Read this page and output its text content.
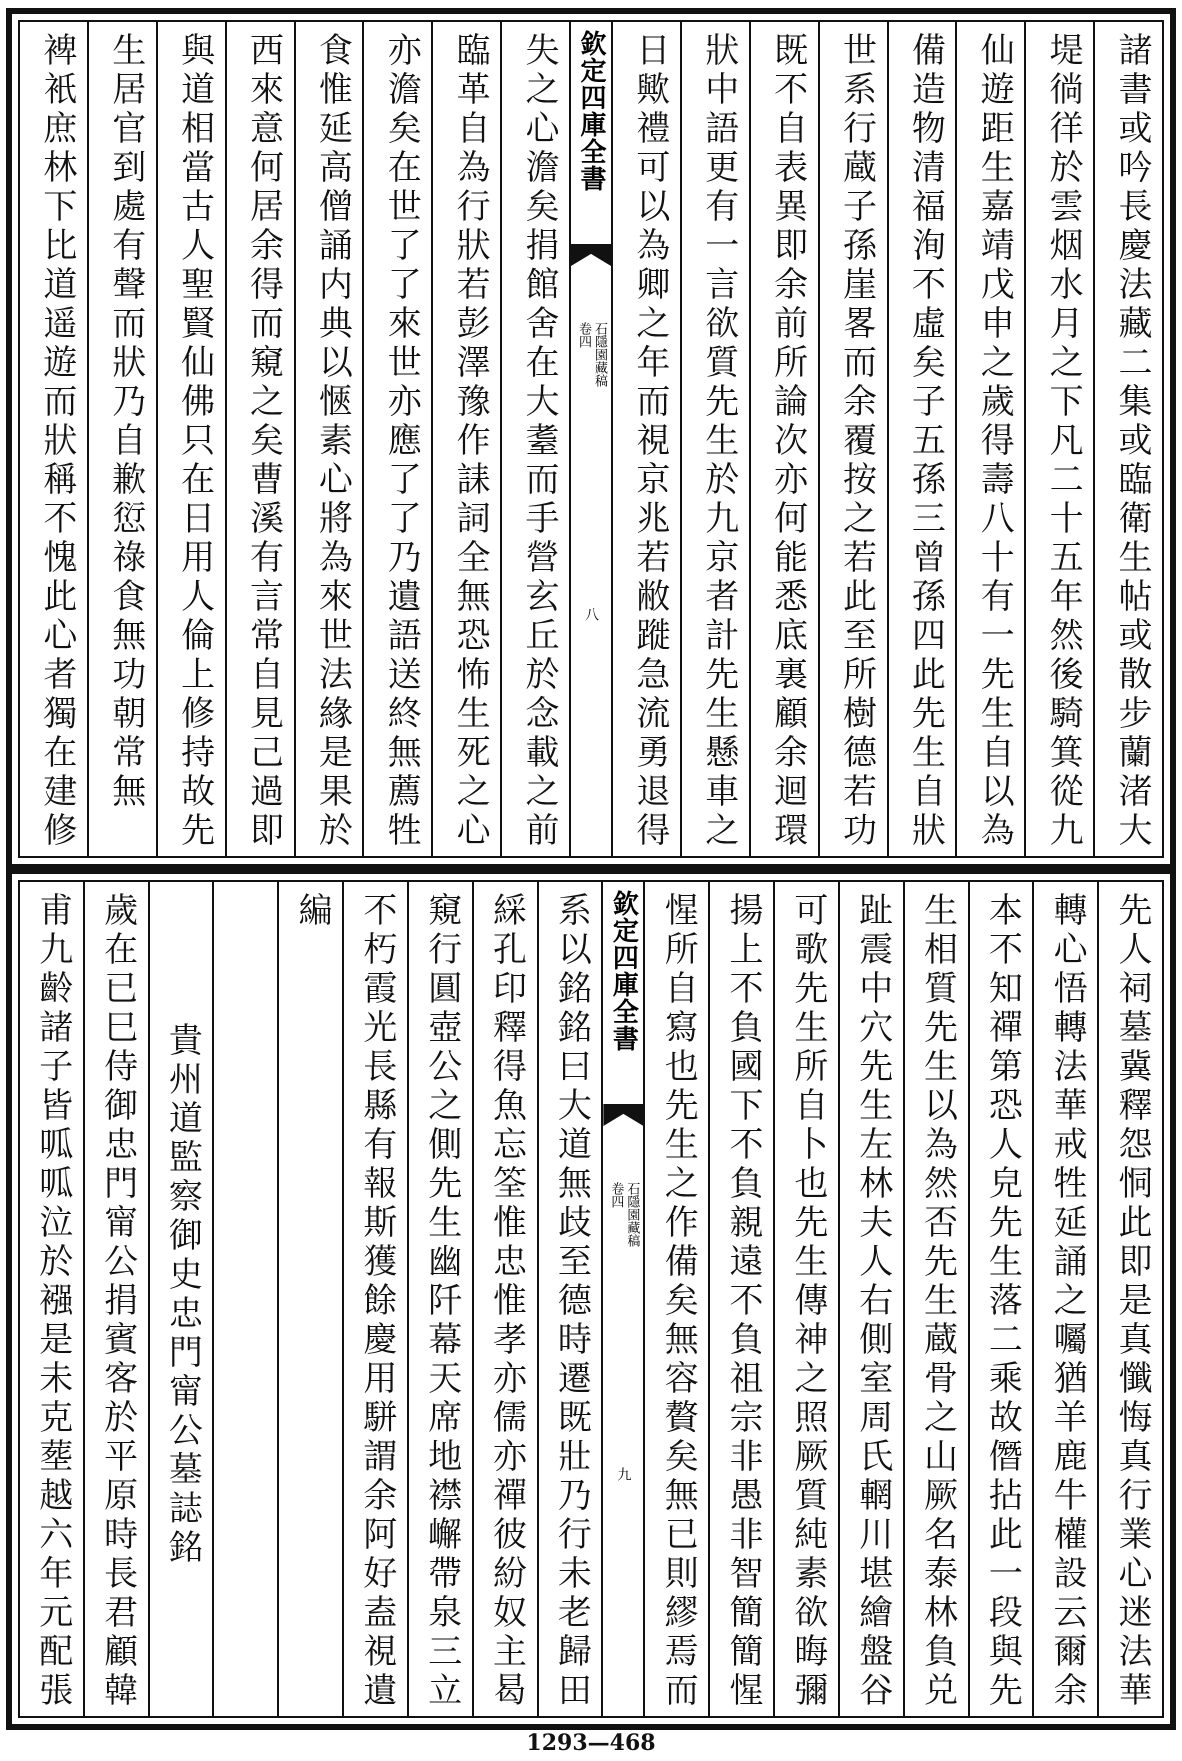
諸書或吟長慶法藏二集或臨衛生帖或散步蘭渚大
堤徜徉於雲烟水月之下凡二十五年然後騎箕從九
仙遊距生嘉靖戊申之歲得壽八十有一先生自以為
備造物清福洵不虛矣子五孫三曾孫四此先生自狀
世系行蔵子孫崖畧而余覆按之若此至所樹德若功
既不自表異即余前所論次亦何能悉底裏顧余迴環
狀中語更有一言欲質先生於九京者計先生懸車之
日歟禮可以為卿之年而視京兆若敝蹝急流勇退得
欽定四庫全書
石隱園藏稿
卷四
八
失之心澹矣捐館舍在大耋而手營玄丘於念載之前
臨革自為行狀若彭澤豫作誄詞全無恐怖生死之心
亦澹矣在世了了來世亦應了了乃遺語送終無薦牲
食惟延高僧誦内典以愜素心將為來世法緣是果於
西來意何居余得而窺之矣曹溪有言常自見己過即
與道相當古人聖賢仙佛只在日用人倫上修持故先
生居官到處有聲而狀乃自歉愆祿食無功朝常無
裨衹庶林下比道遥遊而狀稱不愧此心者獨在建修
先人祠墓冀釋怨恫此即是真懺悔真行業心迷法華
轉心悟轉法華戒牲延誦之囑猶羊鹿牛權設云爾余
本不知禪第恐人皃先生落二乘故僭拈此一段與先
生相質先生以為然否先生蔵骨之山厥名泰林負兑
趾震中穴先生左林夫人右側室周氏輞川堪繪盤谷
可歌先生所自卜也先生傳神之照厥質純素欲晦彌
揚上不負國下不負親遠不負祖宗非愚非智簡簡惺
惺所自寫也先生之作備矣無容贅矣無已則繆焉而
欽定四庫全書
石隱園藏稿
卷四
九
系以銘銘曰大道無歧至德時遷既壯乃行未老歸田
綵孔印釋得魚忘筌惟忠惟孝亦儒亦禪彼紛奴主曷
窺行圓壺公之側先生幽阡幕天席地襟嶰帶泉三立
不朽霞光長縣有報斯獲餘慶用駢謂余阿好盍視遺
編
貴州道監察御史忠門甯公墓誌銘
歲在已巳侍御忠門甯公捐賓客於平原時長君顧韓
甫九齡諸子皆呱呱泣於襁是未克塟越六年元配張
1293—468
